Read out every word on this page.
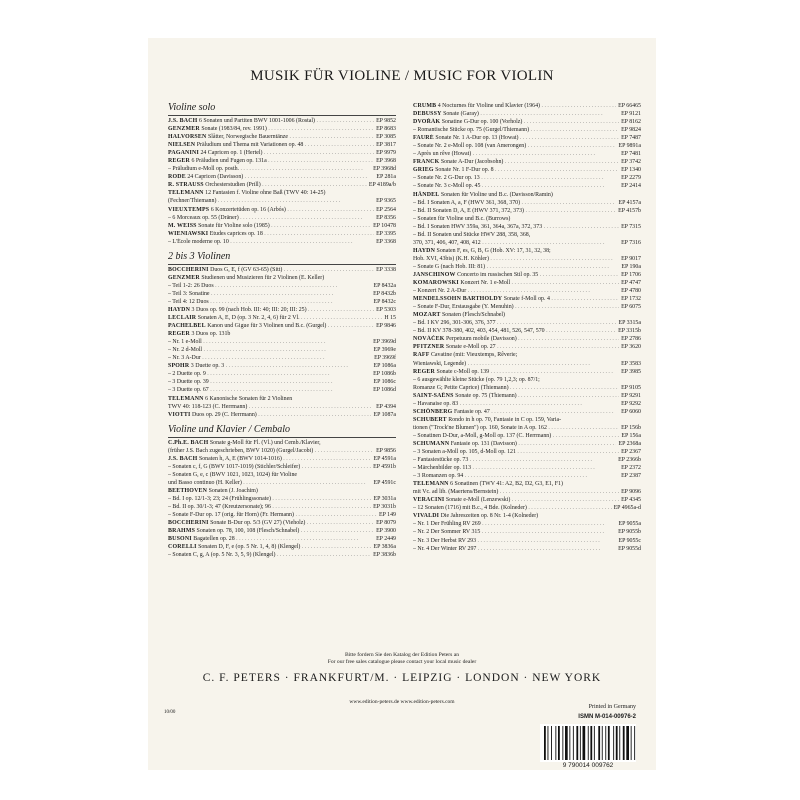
MUSIK FÜR VIOLINE / MUSIC FOR VIOLIN
Violine solo
J.S. BACH 6 Sonaten und Partiten BWV 1001-1006 (Rostal) . . .	EP 9852
GENZMER Sonate (1983/84, rev. 1991) . . .	EP 8683
HALVORSEN Slåtter, Norwegische Bauerntänze . . .	EP 3085
NIELSEN Präludium und Thema mit Variationen op. 48 . . .	EP 3817
PAGANINI 24 Capricen op. 1 (Hertel) . . .	EP 9979
REGER 6 Präludien und Fugen op. 131a . . .	EP 3968
– Präludium e-Moll op. posth. . . .	EP 3968d
RODE 24 Capricen (Davisson) . . .	EP 281a
R. STRAUSS Orchesterstudien (Prill) . . .	EP 4189a/b
TELEMANN 12 Fantasien f. Violine ohne Baß (TWV 40: 14-25)
(Fechner/Thiemann) . . .	EP 9365
VIEUXTEMPS 6 Konzertetüden op. 16 (Arbós) . . .	EP 2564
– 6 Morceaux op. 55 (Dräner) . . .	EP 8356
M. WEISS Sonate für Violine solo (1985) . . .	EP 10478
WIENIAWSKI Etudes caprices op. 18 . . .	EP 3395
– L'École moderne op. 10 . . .	EP 3368
2 bis 3 Violinen
BOCCHERINI Duos G, E, f (GV 63-65) (Sitt) . . .	EP 3338
GENZMER Studienen und Musizieren für 2 Violinen (E. Keller)
– Teil 1-2: 26 Duos . . .	EP 8432a
– Teil 3: Sonatine . . .	EP 8432b
– Teil 4: 12 Duos . . .	EP 8432c
HAYDN 3 Duos op. 99 (nach Hob. III: 40; III: 20; III: 25) . . .	EP 5303
LECLAIR Sonaten A, E, D (op. 3 Nr. 2, 4, 6) für 2 Vl. . . .	H 15
PACHELBEL Kanon und Gigue für 3 Violinen und B.c. (Gurgel) . . .	EP 9846
REGER 3 Duos op. 131b
– Nr. 1 e-Moll . . .	EP 3969d
– Nr. 2 d-Moll . . .	EP 3969e
– Nr. 3 A-Dur . . .	EP 3969f
SPOHR 3 Duette op. 3 . . .	EP 1086a
– 2 Duette op. 9 . . .	EP 1086b
– 3 Duette op. 39 . . .	EP 1086c
– 3 Duette op. 67 . . .	EP 1086d
TELEMANN 6 Kanonische Sonaten für 2 Violinen
TWV 40: 118-123 (C. Herrmann) . . .	EP 4394
VIOTTI Duos op. 29 (C. Herrmann) . . .	EP 1087a
Violine und Klavier / Cembalo
C.Ph.E. BACH Sonate g-Moll für Fl. (Vl.) und Cemb./Klavier,
(früher J.S. Bach zugeschrieben, BWV 1020) (Gurgel/Jacobi) . . .	EP 9856
J.S. BACH Sonaten h, A, E (BWV 1014-1016) . . .	EP 4591a
– Sonaten c, f, G (BWV 1017-1019) (Stichler/Schleifer) . . .	EP 4591b
– Sonaten G, e, c (BWV 1021, 1023, 1024) für Violine
und Basso continuo (H. Keller) . . .	EP 4591c
BEETHOVEN Sonaten (J. Joachim)
– Bd. I op. 12/1-3; 23; 24 (Frühlingssonate) . . .	EP 3031a
– Bd. II op. 30/1-3; 47 (Kreutzersonate); 96 . . .	EP 3031b
– Sonate F-Dur op. 17 (orig. für Horn) (Fr. Hermann) . . .	EP 149
BOCCHERINI Sonate B-Dur op. 5/3 (GV 27) (Vieholz) . . .	EP 8079
BRAHMS Sonaten op. 78, 100, 108 (Flesch/Schnabel) . . .	EP 3900
BUSONI Bagatellen op. 28 . . .	EP 2449
CORELLI Sonaten D, F, e (op. 5 Nr. 1, 4, 8) (Klengel) . . .	EP 3836a
– Sonaten C, g, A (op. 5 Nr. 3, 5, 9) (Klengel) . . .	EP 3836b
CRUMB 4 Nocturnes für Violine und Klavier (1964) . . .	EP 66465
DEBUSSY Sonate (Garay) . . .	EP 9121
DVOŘÁK Sonatine G-Dur op. 100 (Vorholz) . . .	EP 8162
– Romantische Stücke op. 75 (Gurgel/Thiemann) . . .	EP 9824
FAURÉ Sonate Nr. 1 A-Dur op. 13 (Howat) . . .	EP 7487
– Sonate Nr. 2 e-Moll op. 108 (van Amerongen) . . .	EP 9891a
– Après un rêve (Howat) . . .	EP 7481
FRANCK Sonate A-Dur (Jacobsohn) . . .	EP 3742
GRIEG Sonate Nr. 1 F-Dur op. 8 . . .	EP 1340
– Sonate Nr. 2 G-Dur op. 13 . . .	EP 2279
– Sonate Nr. 3 c-Moll op. 45 . . .	EP 2414
HÄNDEL Sonaten für Violine und B.c. (Davisson/Ramin)
– Bd. I Sonaten A, a, F (HWV 361, 368, 370) . . .	EP 4157a
– Bd. II Sonaten D, A, E (HWV 371, 372, 373) . . .	EP 4157b
– Sonaten für Violine und B.c. (Burrows)
– Bd. I Sonaten HWV 359a, 361, 364a, 367a, 372, 373 . . .	EP 7315
– Bd. II Sonaten und Stücke HWV 288, 358, 368,
370, 371, 406, 407, 408, 412 . . .	EP 7316
HAYDN Sonaten F, es, G, B, G (Hob. XV: 17, 31, 32, 38;
Hob. XVI, 43bis) (K.H. Köhler) . . .	EP 9017
– Sonate G (nach Hob. III: 81) . . .	EP 190a
JANSCHINOW Concerto im russischen Stil op. 35 . . .	EP 1706
KOMAROWSKI Konzert Nr. 1 e-Moll . . .	EP 4747
– Konzert Nr. 2 A-Dur . . .	EP 4780
MENDELSSOHN BARTHOLDY Sonate f-Moll op. 4 . . .	EP 1732
– Sonate F-Dur, Erstausgabe (Y. Menuhin) . . .	EP 6075
MOZART Sonaten (Flesch/Schnabel)
– Bd. I KV 296, 301-306, 376, 377 . . .	EP 3315a
– Bd. II KV 378-380, 402, 403, 454, 481, 526, 547, 570 . . .	EP 3315b
NOVÁČEK Perpetuum mobile (Davisson) . . .	EP 2786
PFITZNER Sonate e-Moll op. 27 . . .	EP 3620
RAFF Cavatine (mit: Vieuxtemps, Rêverie;
Wieniawski, Legende) . . .	EP 3583
REGER Sonate c-Moll op. 139 . . .	EP 3985
– 6 ausgewählte kleine Stücke (op. 79 1,2,3; op. 87/1;
Romanze G; Petite Caprice) (Thiemann) . . .	EP 9105
SAINT-SAËNS Sonate op. 75 (Thiemann) . . .	EP 9291
– Havanaise op. 83 . . .	EP 9292
SCHÖNBERG Fantasie op. 47 . . .	EP 6060
SCHUBERT Rondo in h op. 70, Fantasie in C op. 159, Varia-
tionen ("Trock'ne Blumen") op. 160, Sonate in A op. 162 . . .	EP 156b
– Sonatinen D-Dur, a-Moll, g-Moll op. 137 (C. Herrmann) . . .	EP 156a
SCHUMANN Fantasie op. 131 (Davisson) . . .	EP 2368a
– 3 Sonaten a-Moll op. 105, d-Moll op. 121 . . .	EP 2367
– Fantasiestücke op. 73 . . .	EP 2366b
– Märchenbilder op. 113 . . .	EP 2372
– 3 Romanzen op. 94 . . .	EP 2387
TELEMANN 6 Sonatinen (TWV 41: A2, B2, D2, G3, E1, F1)
mit Vc. ad lib. (Maertens/Bernstein) . . .	EP 9096
VERACINI Sonate e-Moll (Lenzewski) . . .	EP 4345
– 12 Sonaten (1716) mit B.c., 4 Bde. (Kolneder) . . .	EP 4965a-d
VIVALDI Die Jahreszeiten op. 8 Nr. 1-4 (Kolneder)
– Nr. 1 Der Frühling RV 269 . . .	EP 9055a
– Nr. 2 Der Sommer RV 315 . . .	EP 9055b
– Nr. 3 Der Herbst RV 293 . . .	EP 9055c
– Nr. 4 Der Winter RV 297 . . .	EP 9055d
Bitte fordern Sie den Katalog der Edition Peters an
For our free sales catalogue please contact your local music dealer
C. F. PETERS · FRANKFURT/M. · LEIPZIG · LONDON · NEW YORK
www.edition-peters.de www.edition-peters.com
10/00
Printed in Germany
ISMN M-014-00976-2
9 790014 009762
